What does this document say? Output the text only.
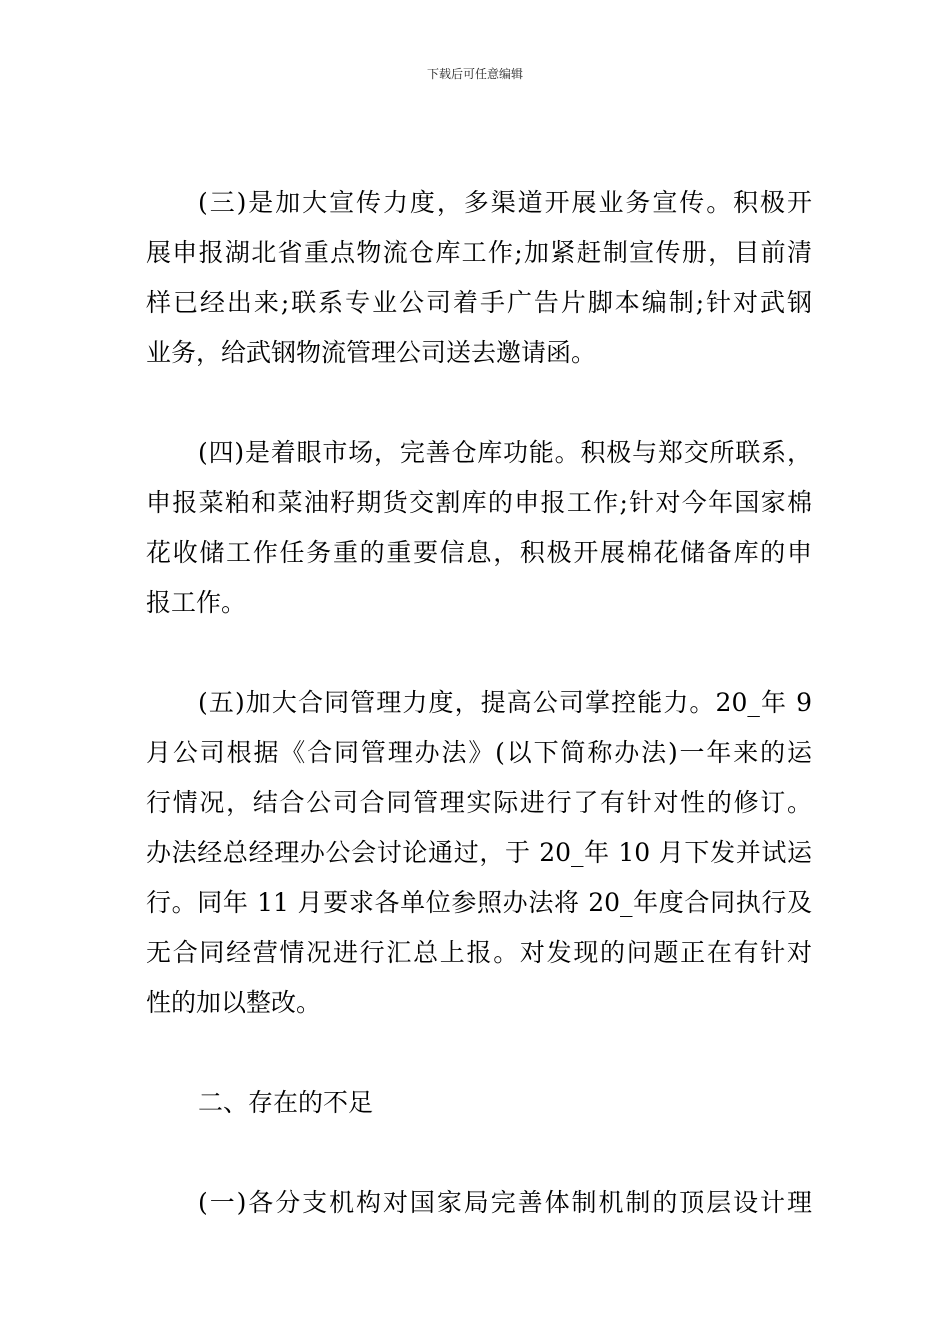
下载后可任意编辑
(三)是加大宣传力度，多渠道开展业务宣传。积极开
展申报湖北省重点物流仓库工作;加紧赶制宣传册，目前清
样已经出来;联系专业公司着手广告片脚本编制;针对武钢
业务，给武钢物流管理公司送去邀请函。
(四)是着眼市场，完善仓库功能。积极与郑交所联系，
申报菜粕和菜油籽期货交割库的申报工作;针对今年国家棉
花收储工作任务重的重要信息，积极开展棉花储备库的申
报工作。
(五)加大合同管理力度，提高公司掌控能力。20_年 9
月公司根据《合同管理办法》(以下简称办法)一年来的运
行情况，结合公司合同管理实际进行了有针对性的修订。
办法经总经理办公会讨论通过，于 20_年 10 月下发并试运
行。同年 11 月要求各单位参照办法将 20_年度合同执行及
无合同经营情况进行汇总上报。对发现的问题正在有针对
性的加以整改。
二、存在的不足
(一)各分支机构对国家局完善体制机制的顶层设计理
